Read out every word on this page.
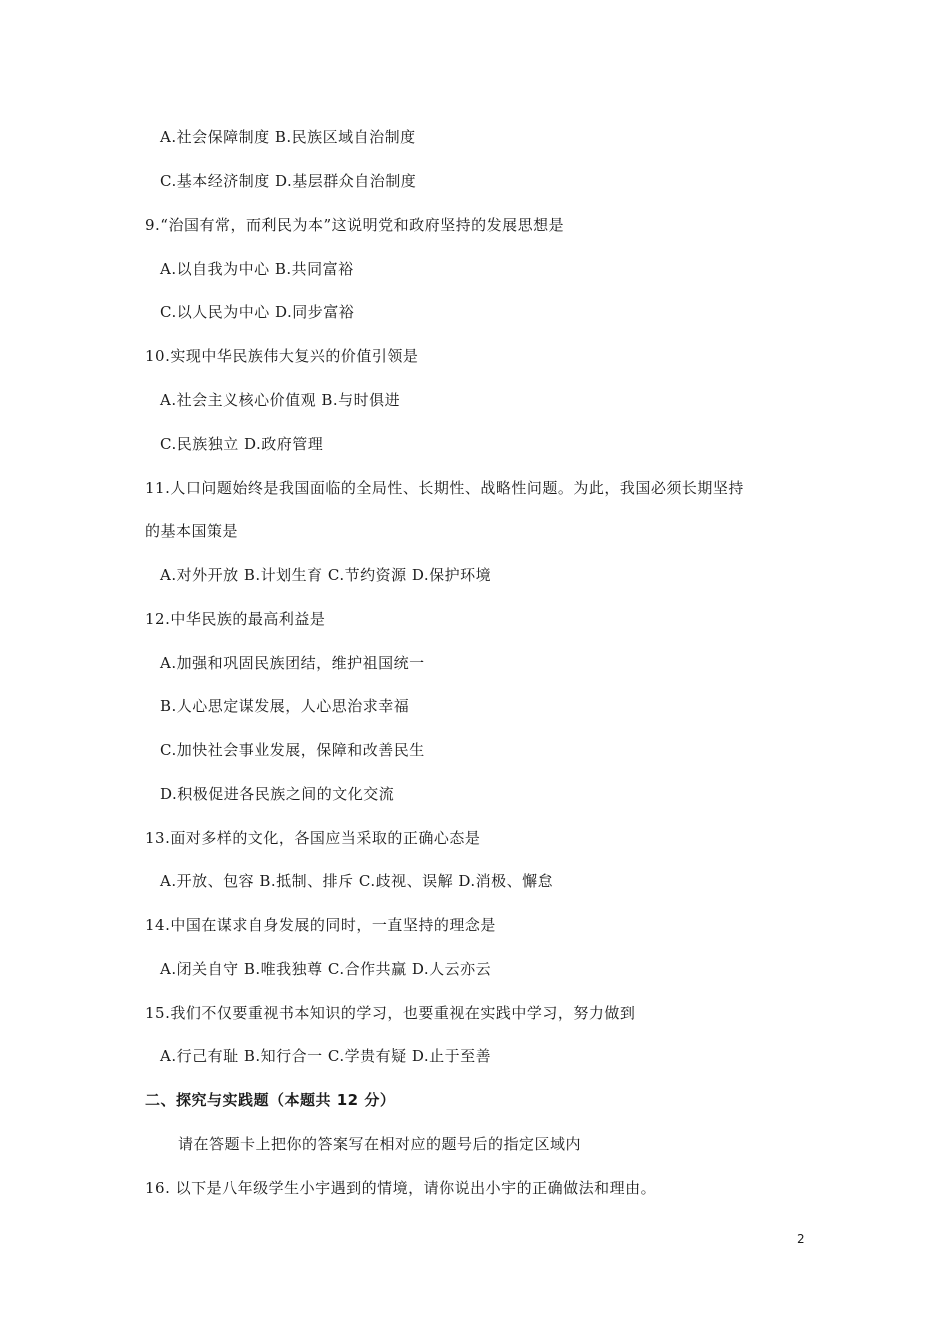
A.社会保障制度 B.民族区域自治制度
C.基本经济制度 D.基层群众自治制度
9.“治国有常，而利民为本”这说明党和政府坚持的发展思想是
A.以自我为中心 B.共同富裕
C.以人民为中心 D.同步富裕
10.实现中华民族伟大复兴的价值引领是
A.社会主义核心价值观 B.与时俱进
C.民族独立 D.政府管理
11.人口问题始终是我国面临的全局性、长期性、战略性问题。为此，我国必须长期坚持
的基本国策是
A.对外开放 B.计划生育 C.节约资源 D.保护环境
12.中华民族的最高利益是
A.加强和巩固民族团结，维护祖国统一
B.人心思定谋发展，人心思治求幸福
C.加快社会事业发展，保障和改善民生
D.积极促进各民族之间的文化交流
13.面对多样的文化，各国应当采取的正确心态是
A.开放、包容 B.抵制、排斥 C.歧视、误解 D.消极、懈怠
14.中国在谋求自身发展的同时，一直坚持的理念是
A.闭关自守 B.唯我独尊 C.合作共赢 D.人云亦云
15.我们不仅要重视书本知识的学习，也要重视在实践中学习，努力做到
A.行己有耻 B.知行合一 C.学贵有疑 D.止于至善
二、探究与实践题（本题共 12 分）
请在答题卡上把你的答案写在相对应的题号后的指定区域内
16. 以下是八年级学生小宇遇到的情境，请你说出小宇的正确做法和理由。
2
